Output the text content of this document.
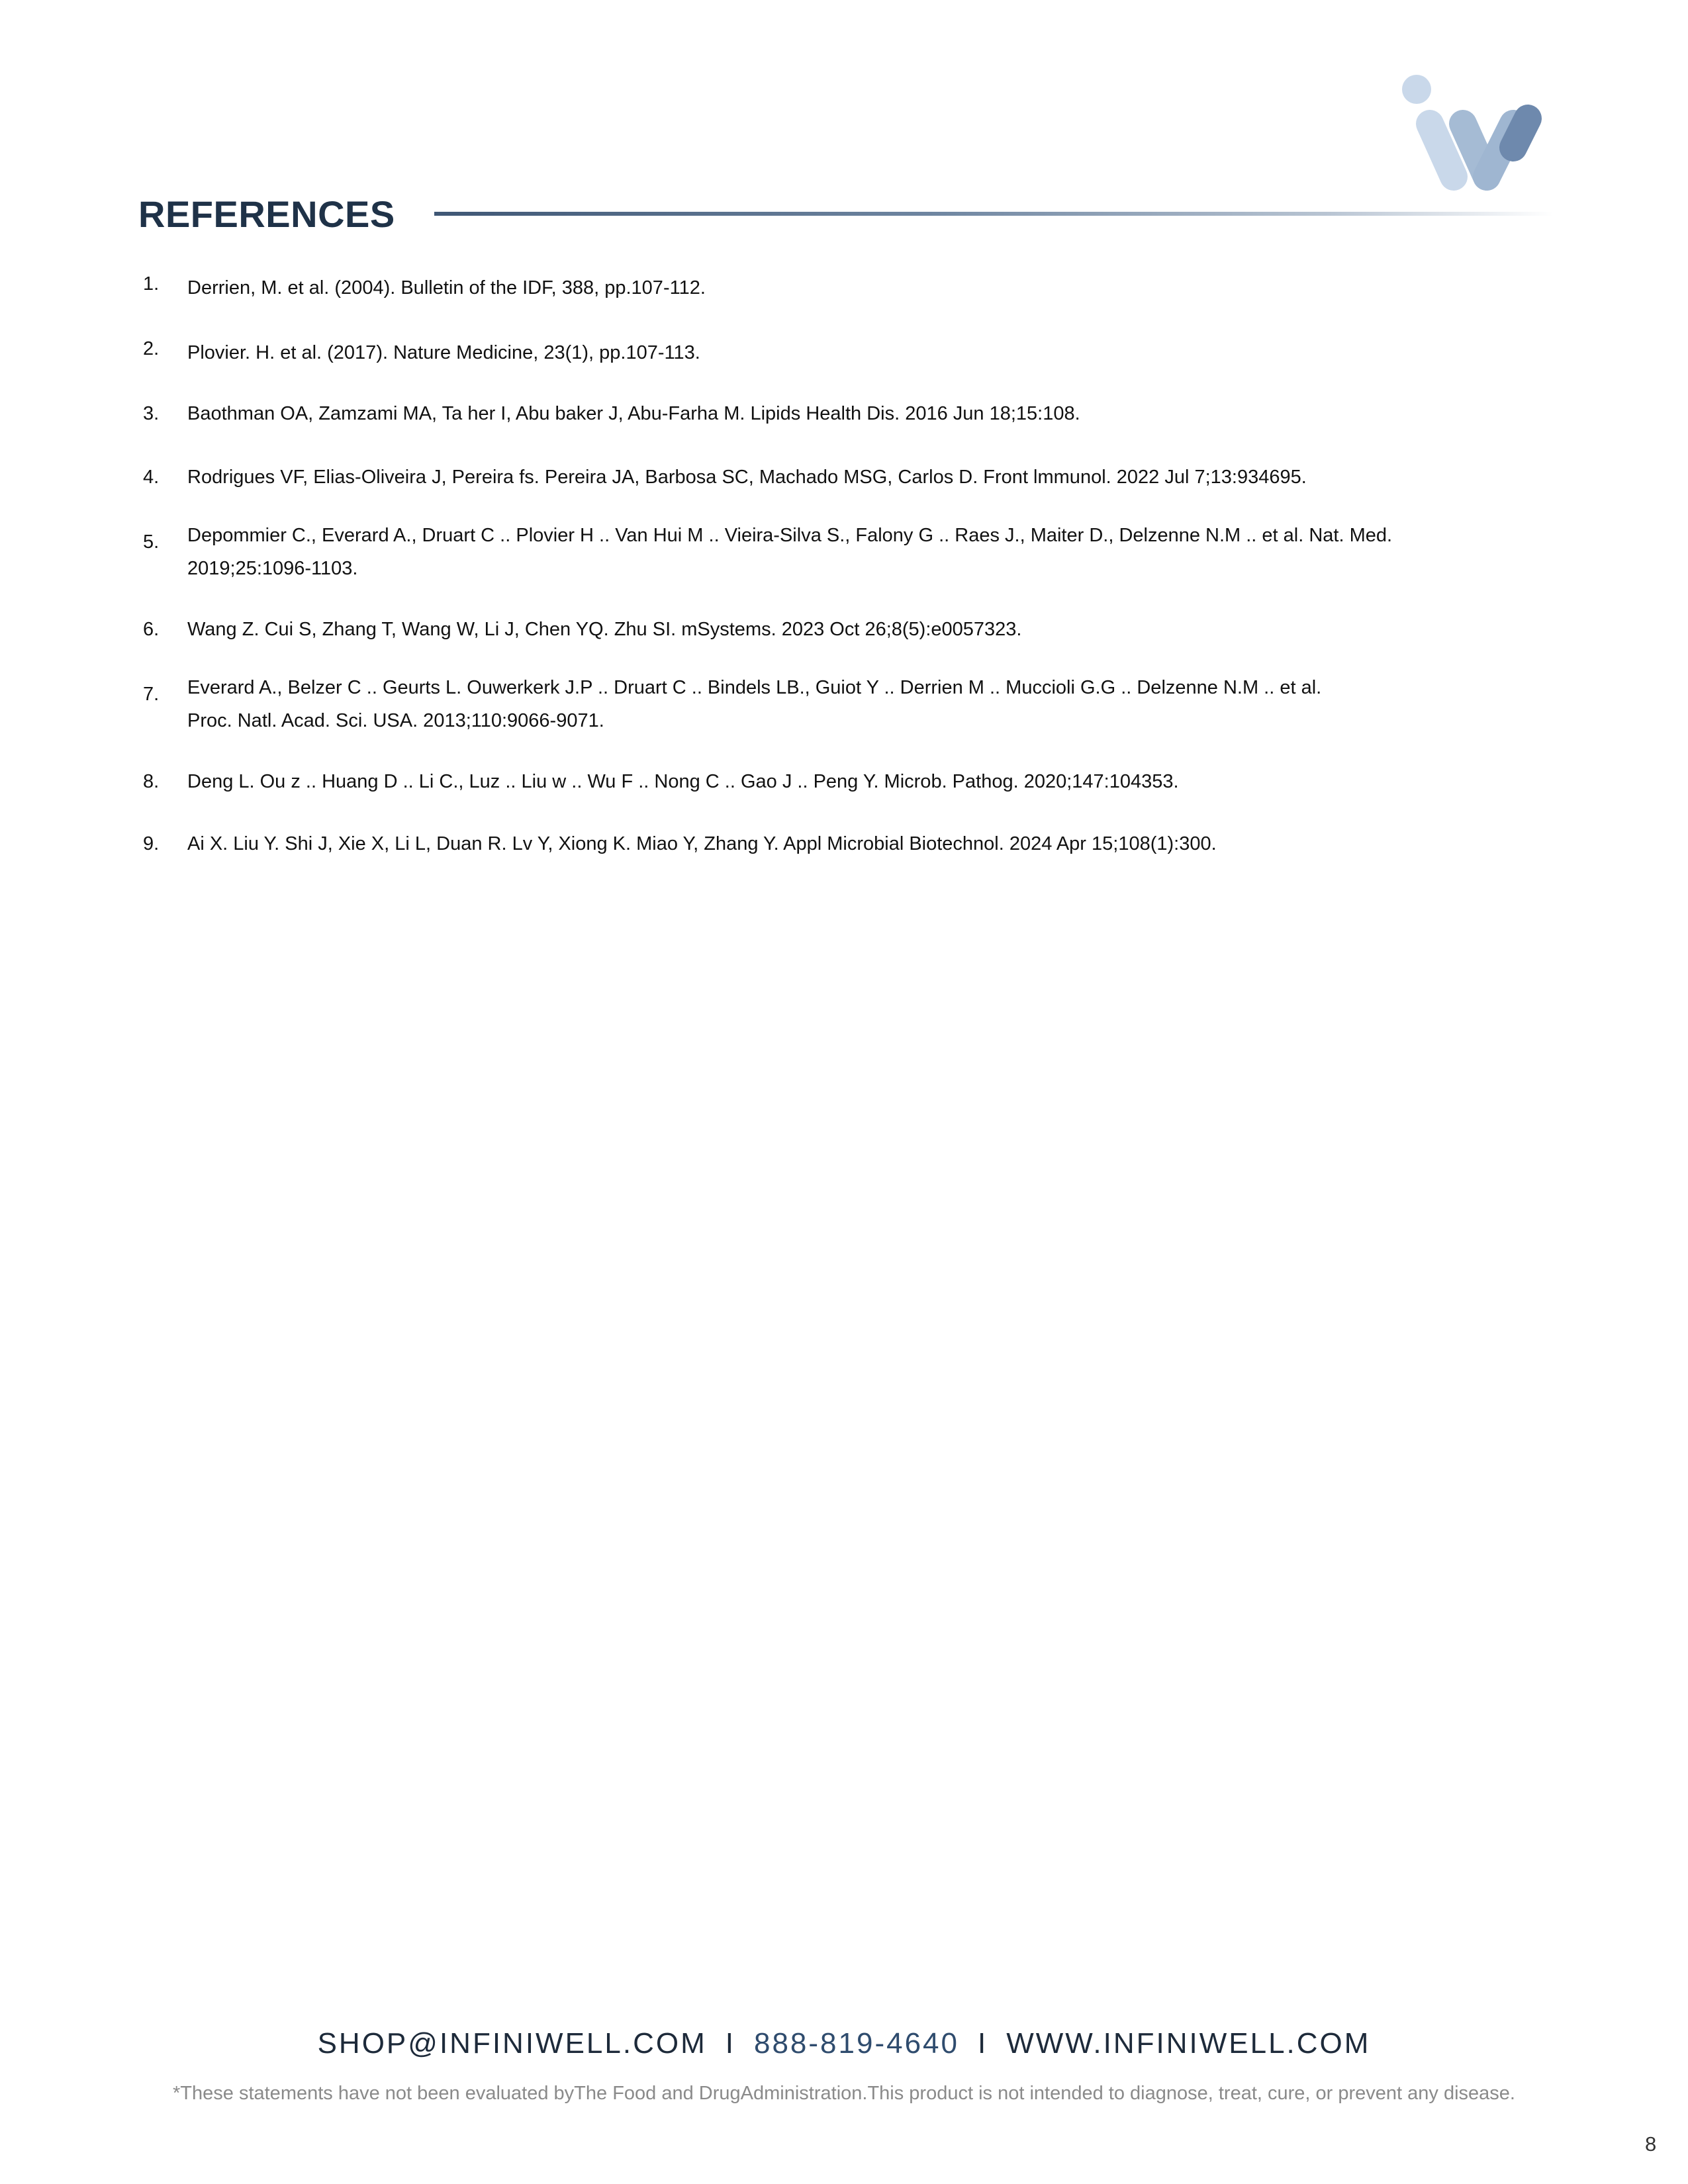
REFERENCES
1.	Derrien, M. et al. (2004). Bulletin of the IDF, 388, pp.107-112.
2.	Plovier. H. et al. (2017). Nature Medicine, 23(1), pp.107-113.
3.	Baothman OA, Zamzami MA, Ta her I, Abu baker J, Abu-Farha M. Lipids Health Dis. 2016 Jun 18;15:108.
4.	Rodrigues VF, Elias-Oliveira J, Pereira fs. Pereira JA, Barbosa SC, Machado MSG, Carlos D. Front lmmunol. 2022 Jul 7;13:934695.
5.	Depommier C., Everard A., Druart C .. Plovier H .. Van Hui M .. Vieira-Silva S., Falony G .. Raes J., Maiter D., Delzenne N.M .. et al. Nat. Med.
2019;25:1096-1103.
6.	Wang Z. Cui S, Zhang T, Wang W, Li J, Chen YQ. Zhu SI. mSystems. 2023 Oct 26;8(5):e0057323.
7.	Everard A., Belzer C .. Geurts L. Ouwerkerk J.P .. Druart C .. Bindels LB., Guiot Y .. Derrien M .. Muccioli G.G .. Delzenne N.M .. et al.
Proc. Natl. Acad. Sci. USA. 2013;110:9066-9071.
8.	Deng L. Ou z .. Huang D .. Li C., Luz .. Liu w .. Wu F .. Nong C .. Gao J .. Peng Y. Microb. Pathog. 2020;147:104353.
9.	Ai X. Liu Y. Shi J, Xie X, Li L, Duan R. Lv Y, Xiong K. Miao Y, Zhang Y. Appl Microbial Biotechnol. 2024 Apr 15;108(1):300.
SHOP@INFINIWELL.COM I 888-819-4640 I WWW.INFINIWELL.COM
*These statements have not been evaluated byThe Food and DrugAdministration.This product is not intended to diagnose, treat, cure, or prevent any disease.
8
